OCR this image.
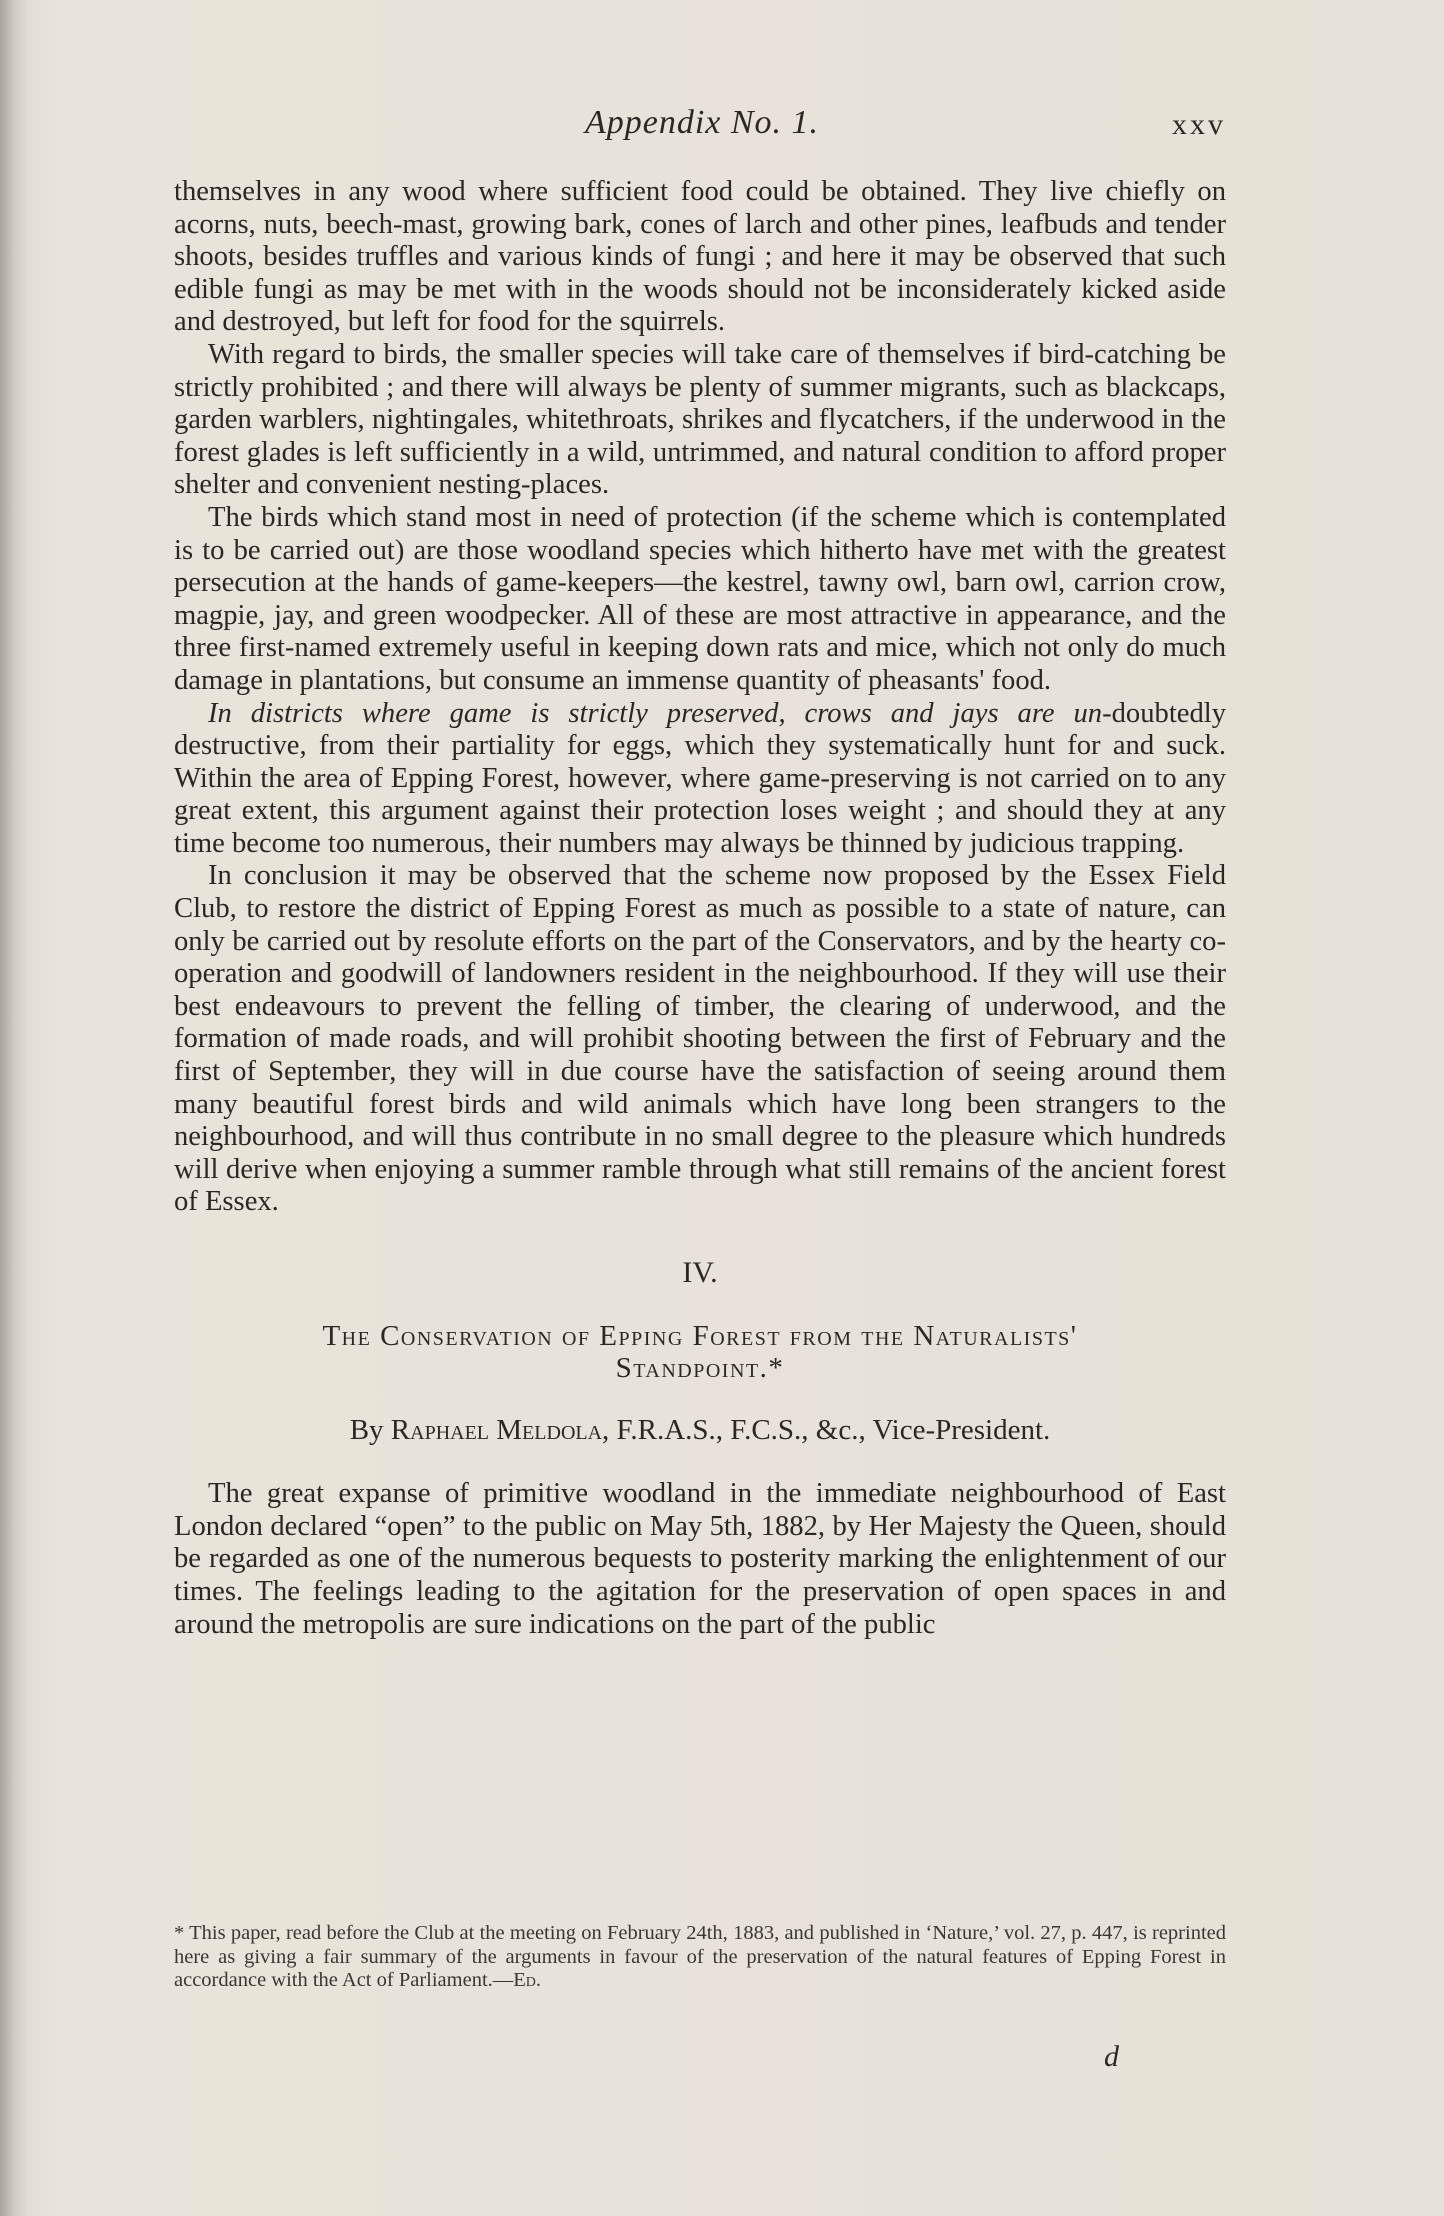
Appendix No. 1.	xxv

themselves in any wood where sufficient food could be obtained. They live chiefly on acorns, nuts, beech-mast, growing bark, cones of larch and other pines, leafbuds and tender shoots, besides truffles and various kinds of fungi ; and here it may be observed that such edible fungi as may be met with in the woods should not be inconsiderately kicked aside and destroyed, but left for food for the squirrels.

With regard to birds, the smaller species will take care of themselves if bird-catching be strictly prohibited ; and there will always be plenty of summer migrants, such as blackcaps, garden warblers, nightingales, whitethroats, shrikes and flycatchers, if the underwood in the forest glades is left sufficiently in a wild, untrimmed, and natural condition to afford proper shelter and convenient nesting-places.

The birds which stand most in need of protection (if the scheme which is contemplated is to be carried out) are those woodland species which hitherto have met with the greatest persecution at the hands of game-keepers—the kestrel, tawny owl, barn owl, carrion crow, magpie, jay, and green woodpecker. All of these are most attractive in appearance, and the three first-named extremely useful in keeping down rats and mice, which not only do much damage in plantations, but consume an immense quantity of pheasants' food.

In districts where game is strictly preserved, crows and jays are un-doubtedly destructive, from their partiality for eggs, which they systematically hunt for and suck. Within the area of Epping Forest, however, where game-preserving is not carried on to any great extent, this argument against their protection loses weight ; and should they at any time become too numerous, their numbers may always be thinned by judicious trapping.

In conclusion it may be observed that the scheme now proposed by the Essex Field Club, to restore the district of Epping Forest as much as possible to a state of nature, can only be carried out by resolute efforts on the part of the Conservators, and by the hearty co-operation and goodwill of landowners resident in the neighbourhood. If they will use their best endeavours to prevent the felling of timber, the clearing of underwood, and the formation of made roads, and will prohibit shooting between the first of February and the first of September, they will in due course have the satisfaction of seeing around them many beautiful forest birds and wild animals which have long been strangers to the neighbourhood, and will thus contribute in no small degree to the pleasure which hundreds will derive when enjoying a summer ramble through what still remains of the ancient forest of Essex.

IV.
The Conservation of Epping Forest from the Naturalists'
Standpoint.*
By Raphael Meldola, F.R.A.S., F.C.S., &c., Vice-President.

The great expanse of primitive woodland in the immediate neighbourhood of East London declared “open” to the public on May 5th, 1882, by Her Majesty the Queen, should be regarded as one of the numerous bequests to posterity marking the enlightenment of our times. The feelings leading to the agitation for the preservation of open spaces in and around the metropolis are sure indications on the part of the public

* This paper, read before the Club at the meeting on February 24th, 1883, and published in ‘Nature,’ vol. 27, p. 447, is reprinted here as giving a fair summary of the arguments in favour of the preservation of the natural features of Epping Forest in accordance with the Act of Parliament.—Ed.
d
